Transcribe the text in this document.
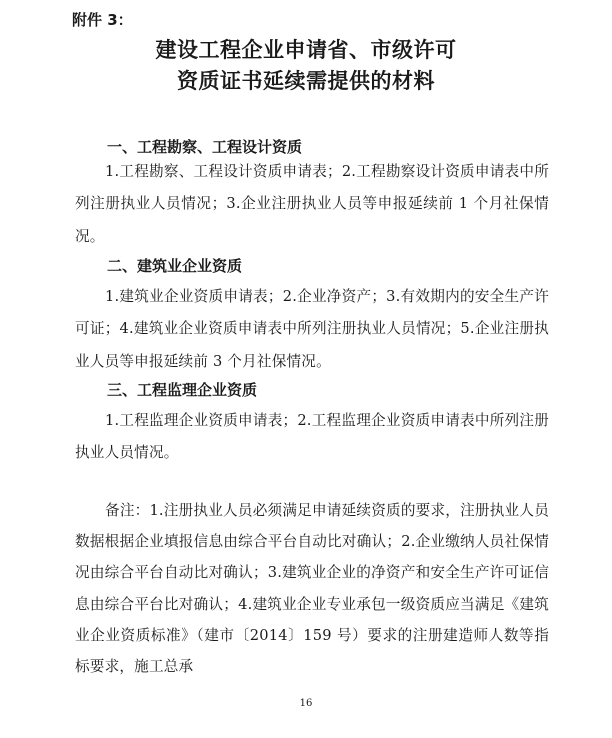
附件 3：
建设工程企业申请省、市级许可
资质证书延续需提供的材料
一、工程勘察、工程设计资质

1.工程勘察、工程设计资质申请表；2.工程勘察设计资质申请表中所列注册执业人员情况；3.企业注册执业人员等申报延续前 1 个月社保情况。

二、建筑业企业资质

1.建筑业企业资质申请表；2.企业净资产；3.有效期内的安全生产许可证；4.建筑业企业资质申请表中所列注册执业人员情况；5.企业注册执业人员等申报延续前 3 个月社保情况。

三、工程监理企业资质

1.工程监理企业资质申请表；2.工程监理企业资质申请表中所列注册执业人员情况。

备注：1.注册执业人员必须满足申请延续资质的要求，注册执业人员数据根据企业填报信息由综合平台自动比对确认；2.企业缴纳人员社保情况由综合平台自动比对确认；3.建筑业企业的净资产和安全生产许可证信息由综合平台比对确认；4.建筑业企业专业承包一级资质应当满足《建筑业企业资质标准》（建市〔2014〕159 号）要求的注册建造师人数等指标要求，施工总承

16
